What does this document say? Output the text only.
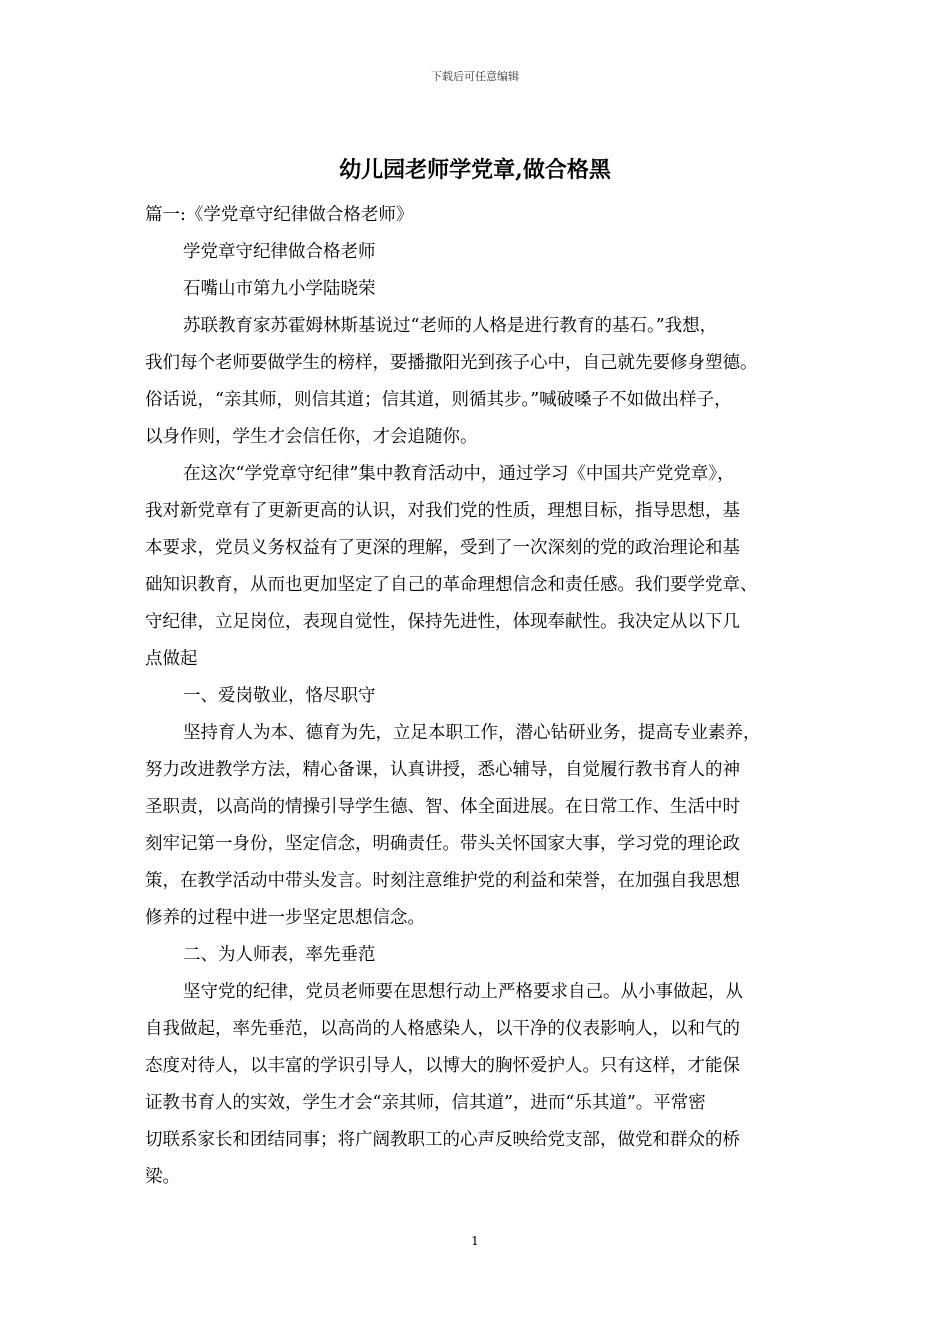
下载后可任意编辑
幼儿园老师学党章,做合格黑
篇一:《学党章守纪律做合格老师》
学党章守纪律做合格老师
石嘴山市第九小学陆晓荣
苏联教育家苏霍姆林斯基说过“老师的人格是进行教育的基石。”我想，
我们每个老师要做学生的榜样，要播撒阳光到孩子心中，自己就先要修身塑德。
俗话说，“亲其师，则信其道；信其道，则循其步。”喊破嗓子不如做出样子，
以身作则，学生才会信任你，才会追随你。
在这次“学党章守纪律”集中教育活动中，通过学习《中国共产党党章》，
我对新党章有了更新更高的认识，对我们党的性质，理想目标，指导思想，基
本要求，党员义务权益有了更深的理解，受到了一次深刻的党的政治理论和基
础知识教育，从而也更加坚定了自己的革命理想信念和责任感。我们要学党章、
守纪律，立足岗位，表现自觉性，保持先进性，体现奉献性。我决定从以下几
点做起
一、爱岗敬业，恪尽职守
坚持育人为本、德育为先，立足本职工作，潜心钻研业务，提高专业素养，
努力改进教学方法，精心备课，认真讲授，悉心辅导，自觉履行教书育人的神
圣职责，以高尚的情操引导学生德、智、体全面进展。在日常工作、生活中时
刻牢记第一身份，坚定信念，明确责任。带头关怀国家大事，学习党的理论政
策，在教学活动中带头发言。时刻注意维护党的利益和荣誉，在加强自我思想
修养的过程中进一步坚定思想信念。
二、为人师表，率先垂范
坚守党的纪律，党员老师要在思想行动上严格要求自己。从小事做起，从
自我做起，率先垂范，以高尚的人格感染人，以干净的仪表影响人，以和气的
态度对待人，以丰富的学识引导人，以博大的胸怀爱护人。只有这样，才能保
证教书育人的实效，学生才会“亲其师，信其道”，进而“乐其道”。平常密
切联系家长和团结同事；将广阔教职工的心声反映给党支部，做党和群众的桥
梁。
1
